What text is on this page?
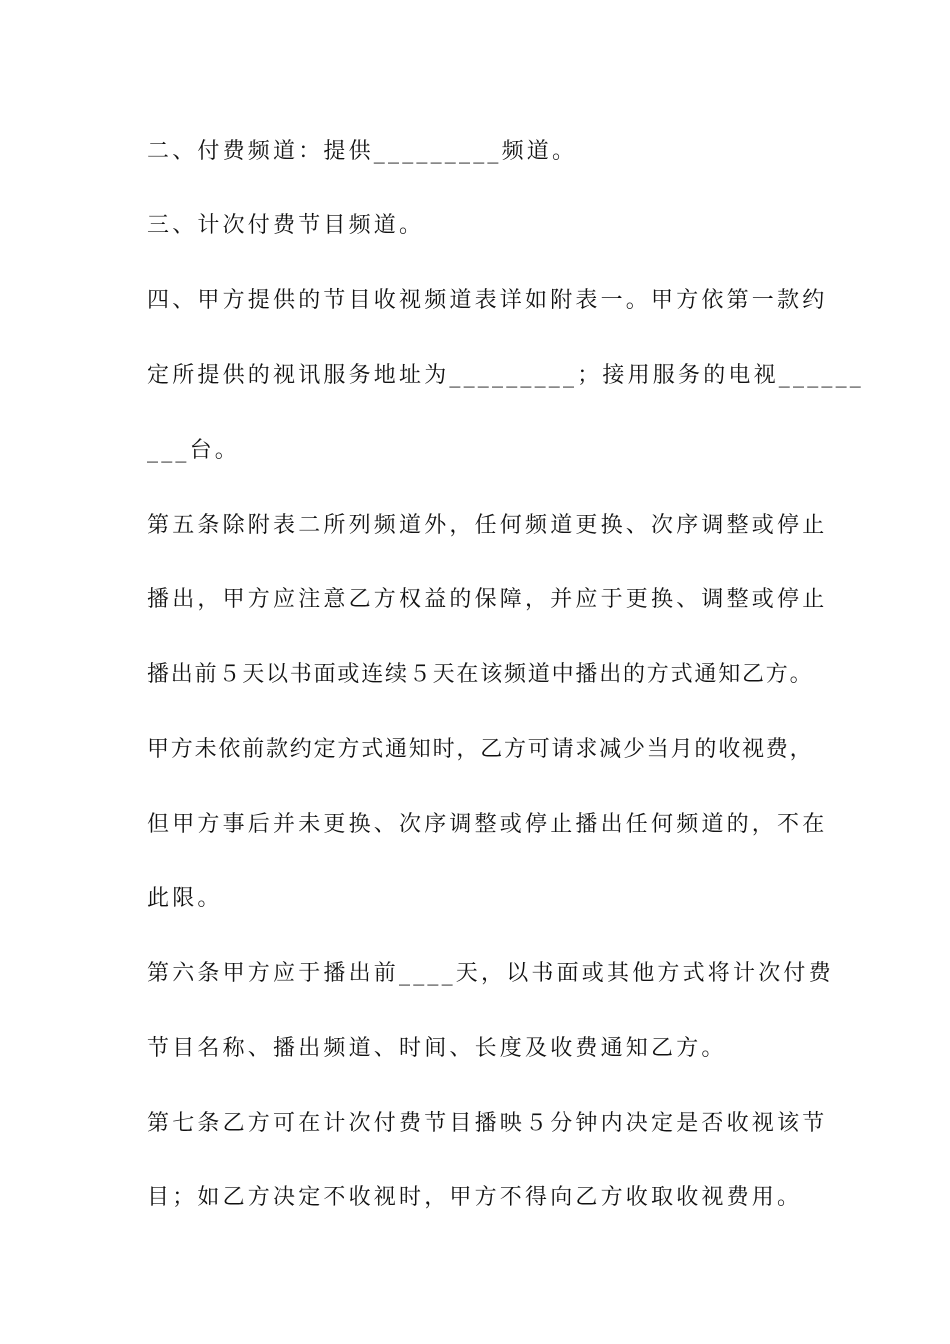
二、付费频道：提供_________频道。
三、计次付费节目频道。
四、甲方提供的节目收视频道表详如附表一。甲方依第一款约
定所提供的视讯服务地址为_________；接用服务的电视______
___台。
第五条除附表二所列频道外，任何频道更换、次序调整或停止
播出，甲方应注意乙方权益的保障，并应于更换、调整或停止
播出前５天以书面或连续５天在该频道中播出的方式通知乙方。
甲方未依前款约定方式通知时，乙方可请求减少当月的收视费，
但甲方事后并未更换、次序调整或停止播出任何频道的，不在
此限。
第六条甲方应于播出前____天，以书面或其他方式将计次付费
节目名称、播出频道、时间、长度及收费通知乙方。
第七条乙方可在计次付费节目播映５分钟内决定是否收视该节
目；如乙方决定不收视时，甲方不得向乙方收取收视费用。
